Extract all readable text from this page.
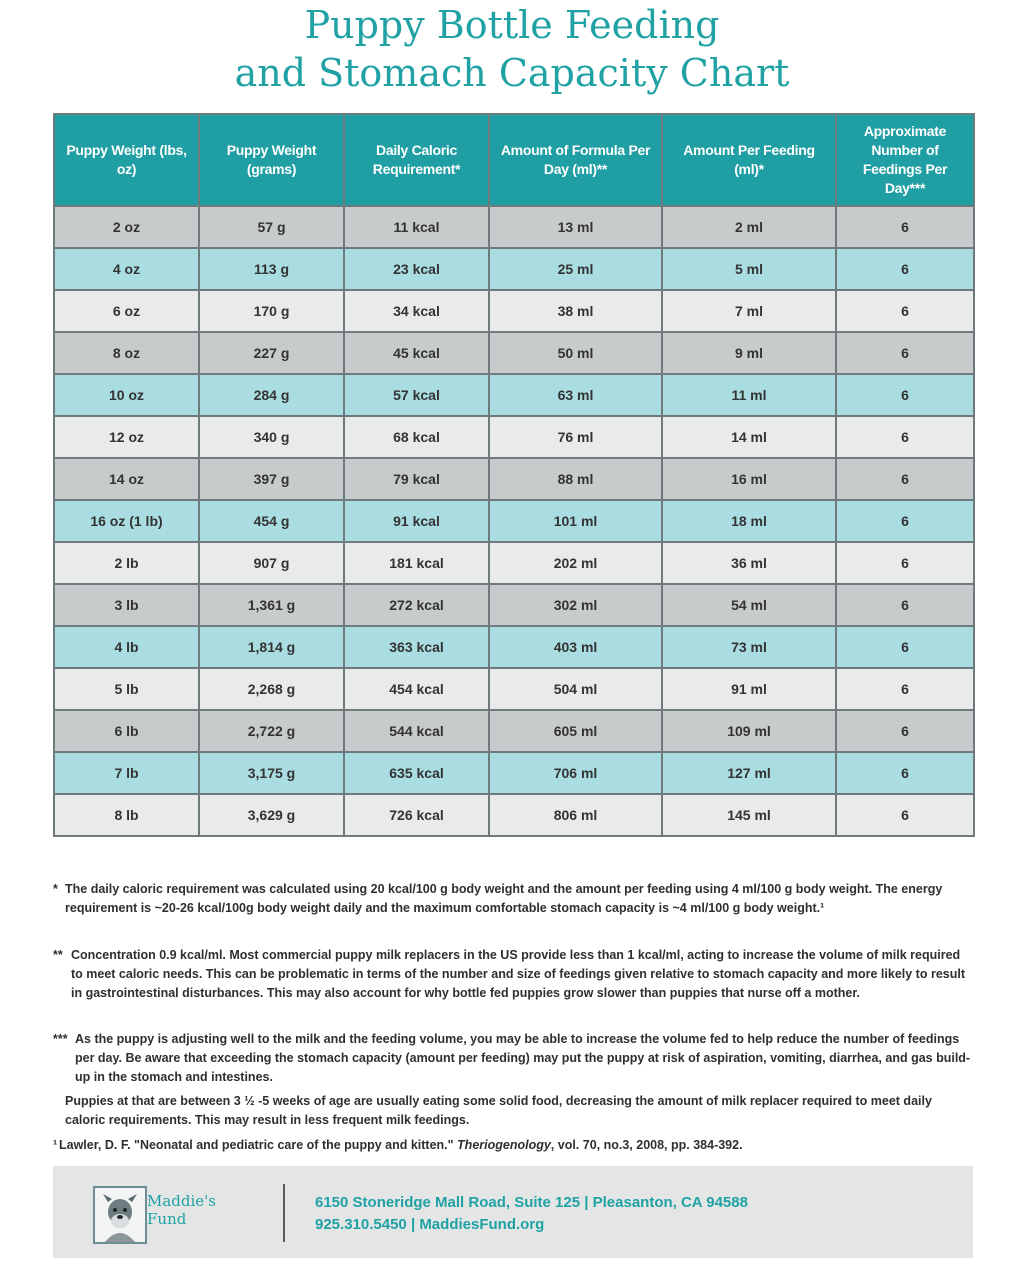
Puppy Bottle Feeding
and Stomach Capacity Chart
Puppy Weight (lbs, oz)	Puppy Weight (grams)	Daily Caloric Requirement*	Amount of Formula Per Day (ml)**	Amount Per Feeding (ml)*	Approximate Number of Feedings Per Day***
2 oz	57 g	11 kcal	13 ml	2 ml	6
4 oz	113 g	23 kcal	25 ml	5 ml	6
6 oz	170 g	34 kcal	38 ml	7 ml	6
8 oz	227 g	45 kcal	50 ml	9 ml	6
10 oz	284 g	57 kcal	63 ml	11 ml	6
12 oz	340 g	68 kcal	76 ml	14 ml	6
14 oz	397 g	79 kcal	88 ml	16 ml	6
16 oz (1 lb)	454 g	91 kcal	101 ml	18 ml	6
2 lb	907 g	181 kcal	202 ml	36 ml	6
3 lb	1,361 g	272 kcal	302 ml	54 ml	6
4 lb	1,814 g	363 kcal	403 ml	73 ml	6
5 lb	2,268 g	454 kcal	504 ml	91 ml	6
6 lb	2,722 g	544 kcal	605 ml	109 ml	6
7 lb	3,175 g	635 kcal	706 ml	127 ml	6
8 lb	3,629 g	726 kcal	806 ml	145 ml	6
* The daily caloric requirement was calculated using 20 kcal/100 g body weight and the amount per feeding using 4 ml/100 g body weight. The energy requirement is ~20-26 kcal/100g body weight daily and the maximum comfortable stomach capacity is ~4 ml/100 g body weight.¹
** Concentration 0.9 kcal/ml. Most commercial puppy milk replacers in the US provide less than 1 kcal/ml, acting to increase the volume of milk required to meet caloric needs. This can be problematic in terms of the number and size of feedings given relative to stomach capacity and more likely to result in gastrointestinal disturbances. This may also account for why bottle fed puppies grow slower than puppies that nurse off a mother.
*** As the puppy is adjusting well to the milk and the feeding volume, you may be able to increase the volume fed to help reduce the number of feedings per day. Be aware that exceeding the stomach capacity (amount per feeding) may put the puppy at risk of aspiration, vomiting, diarrhea, and gas build-up in the stomach and intestines.
Puppies at that are between 3 ½ -5 weeks of age are usually eating some solid food, decreasing the amount of milk replacer required to meet daily caloric requirements. This may result in less frequent milk feedings.
¹ Lawler, D. F. "Neonatal and pediatric care of the puppy and kitten." Theriogenology, vol. 70, no.3, 2008, pp. 384-392.
Maddie's
Fund
6150 Stoneridge Mall Road, Suite 125 | Pleasanton, CA 94588
925.310.5450 | MaddiesFund.org
